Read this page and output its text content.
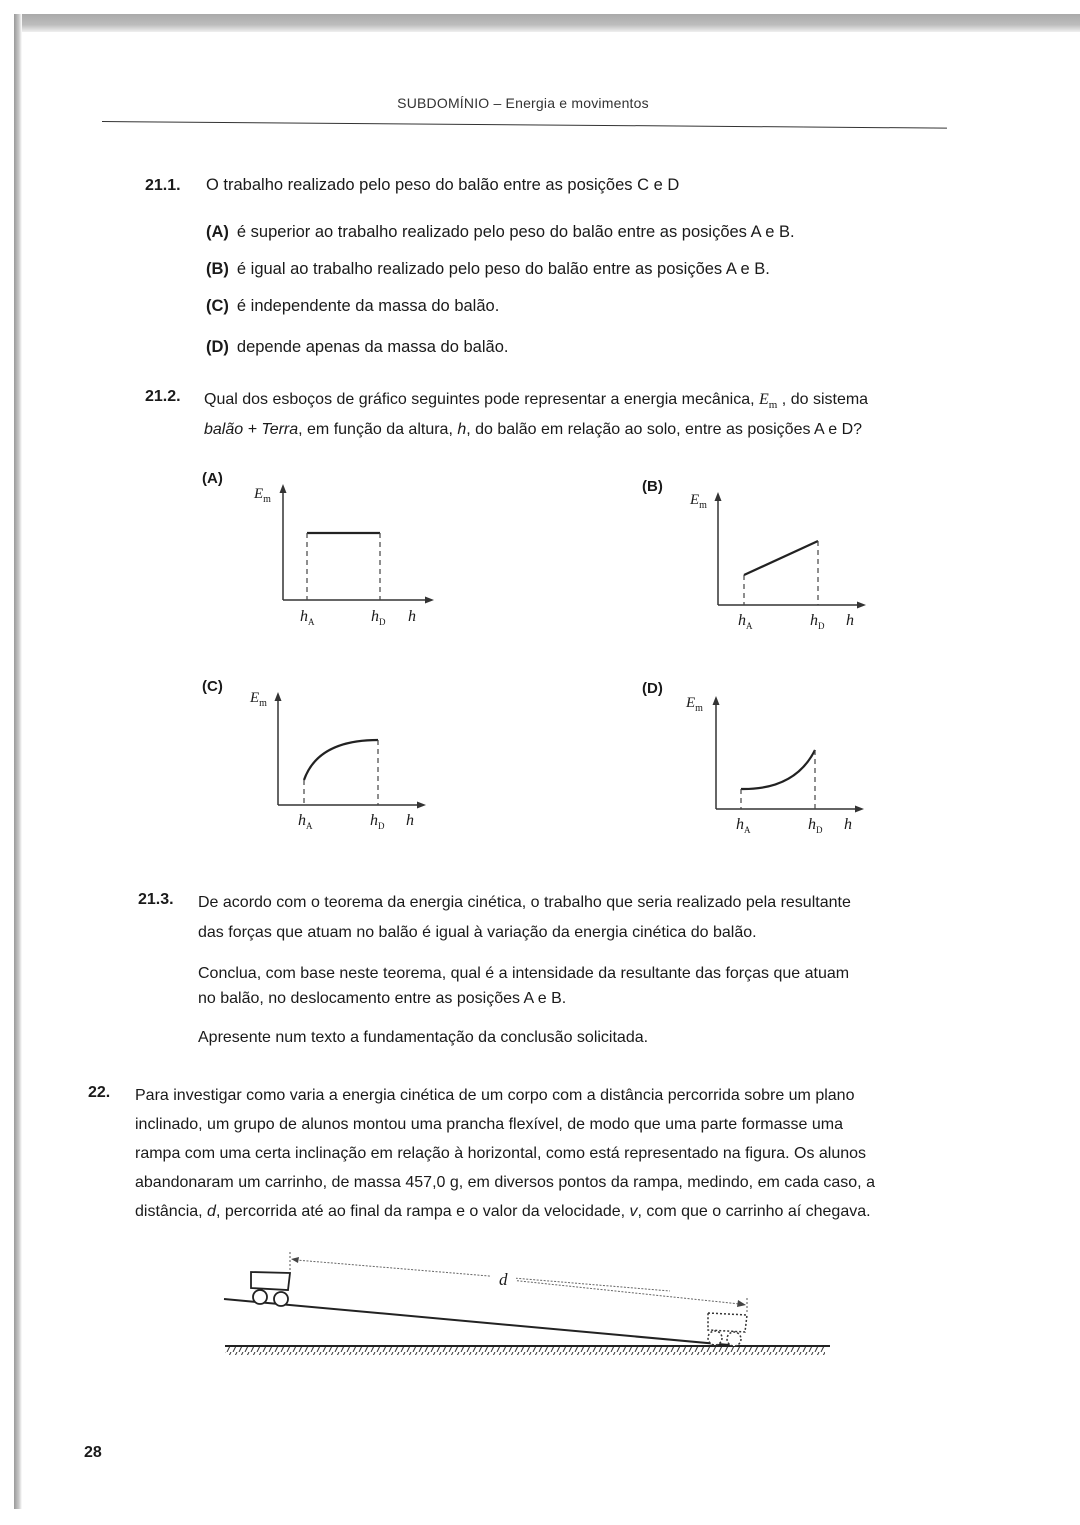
SUBDOMÍNIO – Energia e movimentos
21.1. O trabalho realizado pelo peso do balão entre as posições C e D
(A) é superior ao trabalho realizado pelo peso do balão entre as posições A e B.
(B) é igual ao trabalho realizado pelo peso do balão entre as posições A e B.
(C) é independente da massa do balão.
(D) depende apenas da massa do balão.
21.2. Qual dos esboços de gráfico seguintes pode representar a energia mecânica, $E_m$ , do sistema
balão + Terra, em função da altura, h, do balão em relação ao solo, entre as posições A e D?
(A)
$E_m$
$h_A$	$h_D$ h
(B)
$E_m$
$h_A$	$h_D$ h
(C)
$E_m$
$h_A$	$h_D$ h
(D)
$E_m$
$h_A$	$h_D$ h
21.3. De acordo com o teorema da energia cinética, o trabalho que seria realizado pela resultante
das forças que atuam no balão é igual à variação da energia cinética do balão.
Conclua, com base neste teorema, qual é a intensidade da resultante das forças que atuam
no balão, no deslocamento entre as posições A e B.
Apresente num texto a fundamentação da conclusão solicitada.
22. Para investigar como varia a energia cinética de um corpo com a distância percorrida sobre um plano
inclinado, um grupo de alunos montou uma prancha flexível, de modo que uma parte formasse uma
rampa com uma certa inclinação em relação à horizontal, como está representado na figura. Os alunos
abandonaram um carrinho, de massa 457,0 g, em diversos pontos da rampa, medindo, em cada caso, a
distância, d, percorrida até ao final da rampa e o valor da velocidade, v, com que o carrinho aí chegava.
d
28
